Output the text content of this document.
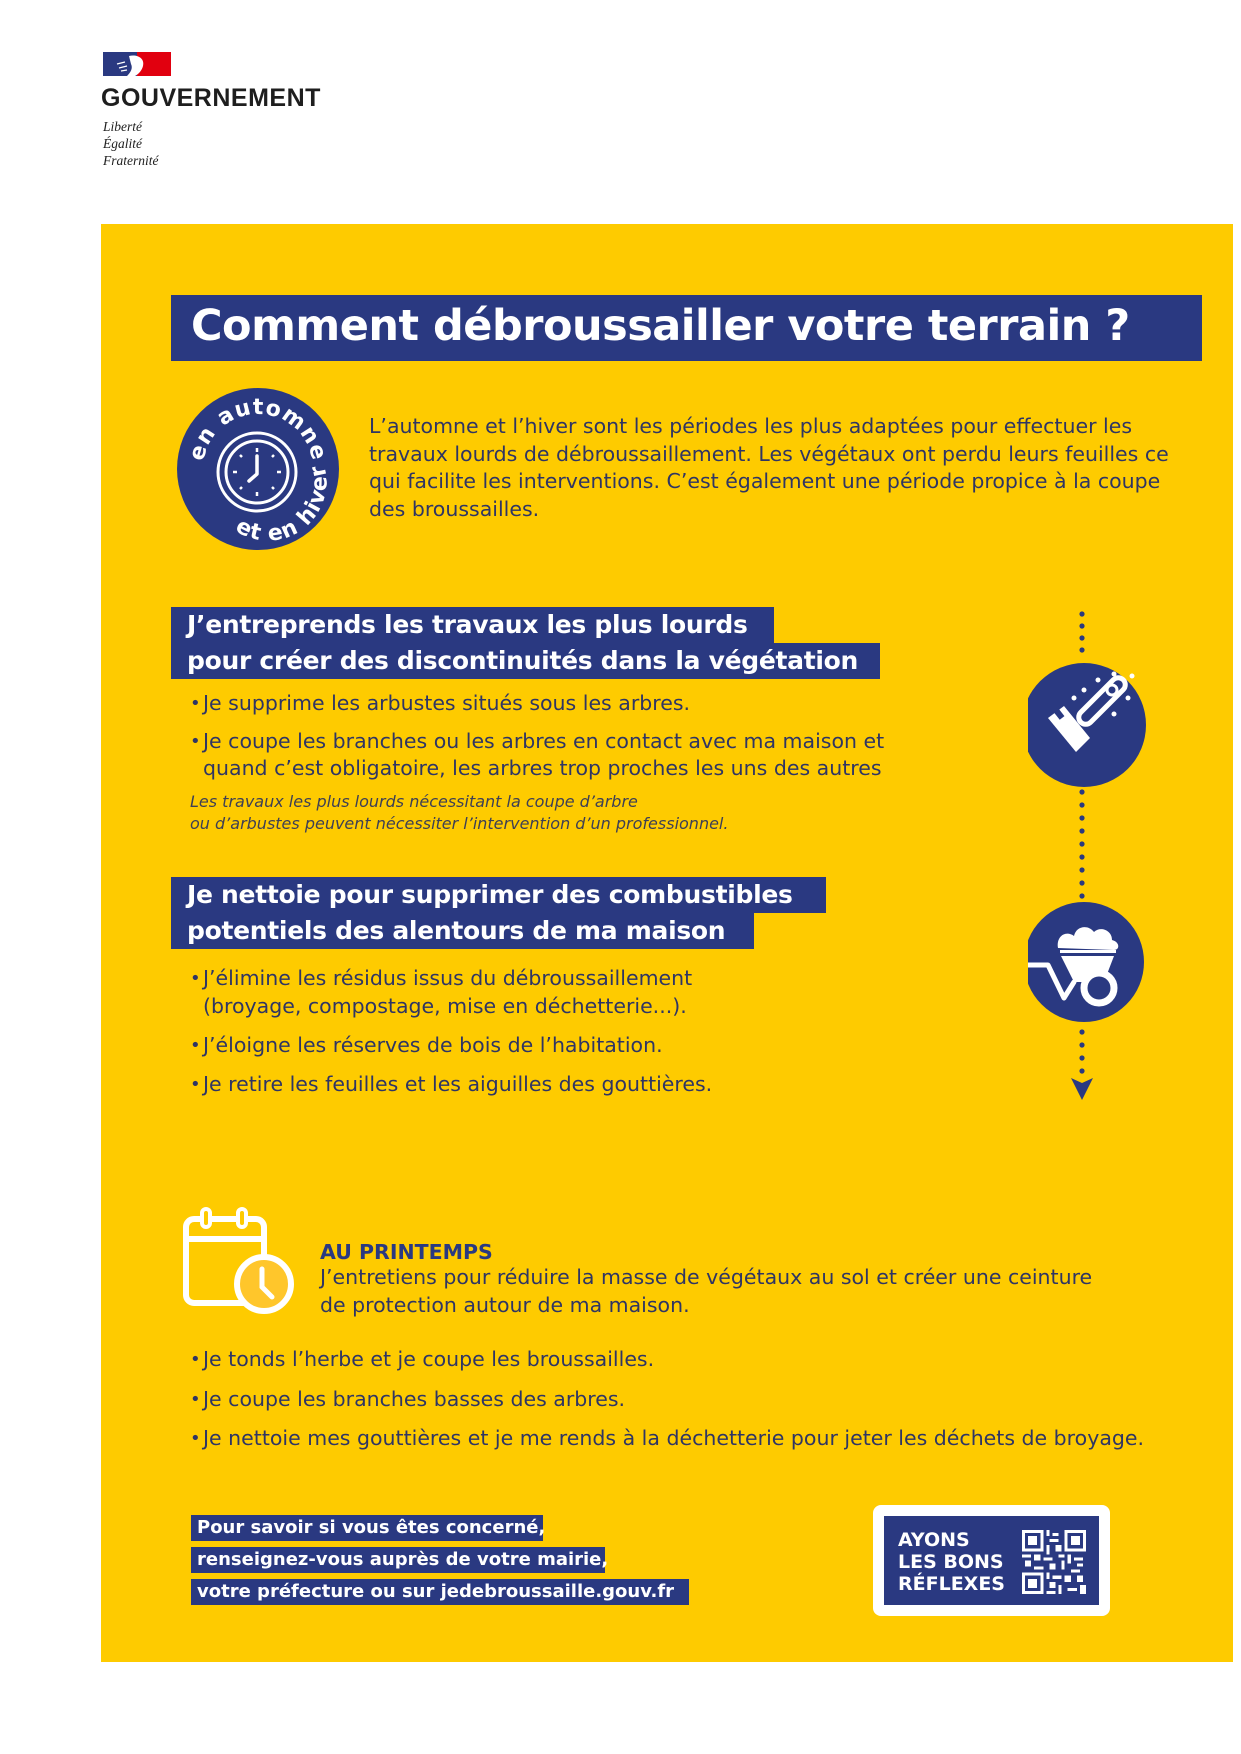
GOUVERNEMENT
Liberté
Égalité
Fraternité
Comment débroussailler votre terrain ?
en automne
et en hiver
L’automne et l’hiver sont les périodes les plus adaptées pour effectuer les travaux lourds de débroussaillement. Les végétaux ont perdu leurs feuilles ce qui facilite les interventions. C’est également une période propice à la coupe des broussailles.
J’entreprends les travaux les plus lourds
pour créer des discontinuités dans la végétation
• Je supprime les arbustes situés sous les arbres.
• Je coupe les branches ou les arbres en contact avec ma maison et quand c’est obligatoire, les arbres trop proches les uns des autres
Les travaux les plus lourds nécessitant la coupe d’arbre
ou d’arbustes peuvent nécessiter l’intervention d’un professionnel.
Je nettoie pour supprimer des combustibles
potentiels des alentours de ma maison
• J’élimine les résidus issus du débroussaillement (broyage, compostage, mise en déchetterie...).
• J’éloigne les réserves de bois de l’habitation.
• Je retire les feuilles et les aiguilles des gouttières.
AU PRINTEMPS
J’entretiens pour réduire la masse de végétaux au sol et créer une ceinture de protection autour de ma maison.
• Je tonds l’herbe et je coupe les broussailles.
• Je coupe les branches basses des arbres.
• Je nettoie mes gouttières et je me rends à la déchetterie pour jeter les déchets de broyage.
Pour savoir si vous êtes concerné,
renseignez-vous auprès de votre mairie,
votre préfecture ou sur jedebroussaille.gouv.fr
AYONS
LES BONS
RÉFLEXES
